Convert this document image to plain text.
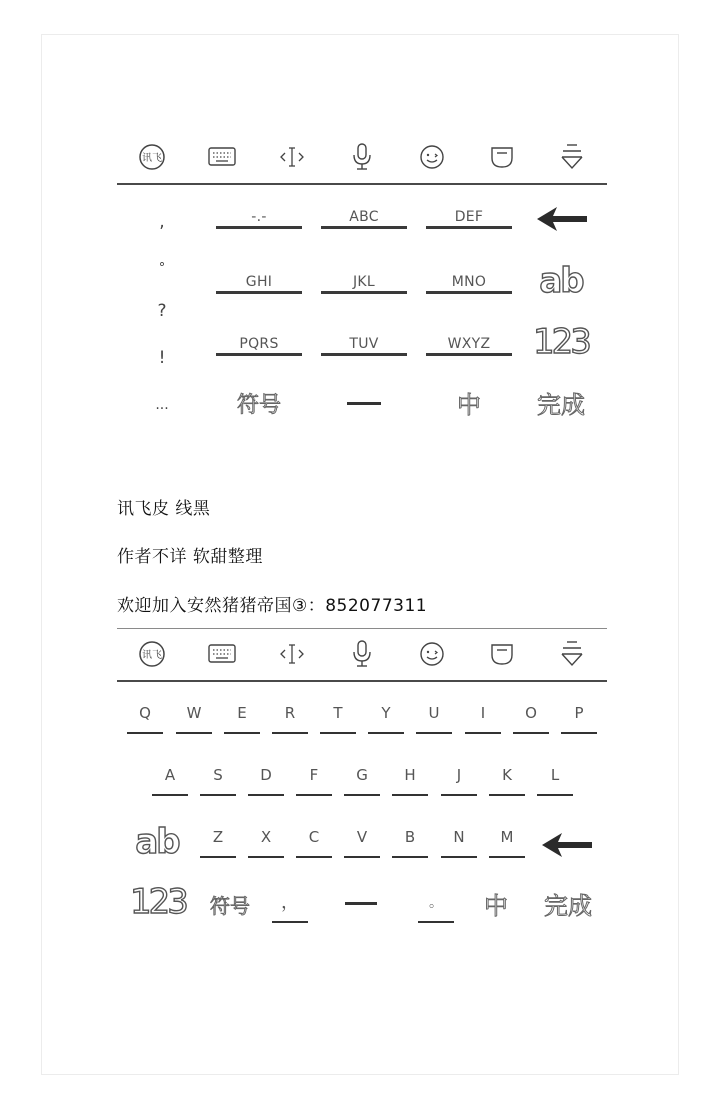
讯飞
,
°
?
!
...
-.-	ABC	DEF
GHI	JKL	MNO
PQRS	TUV	WXYZ
ab
123
符号	中	完成
讯飞皮 线黑
作者不详 软甜整理
欢迎加入安然猪猪帝国③：852077311
讯飞
Q	W	E	R	T	Y	U	I	O	P
A	S	D	F	G	H	J	K	L
ab	Z	X	C	V	B	N	M
123	符号	，	。	中 完成
